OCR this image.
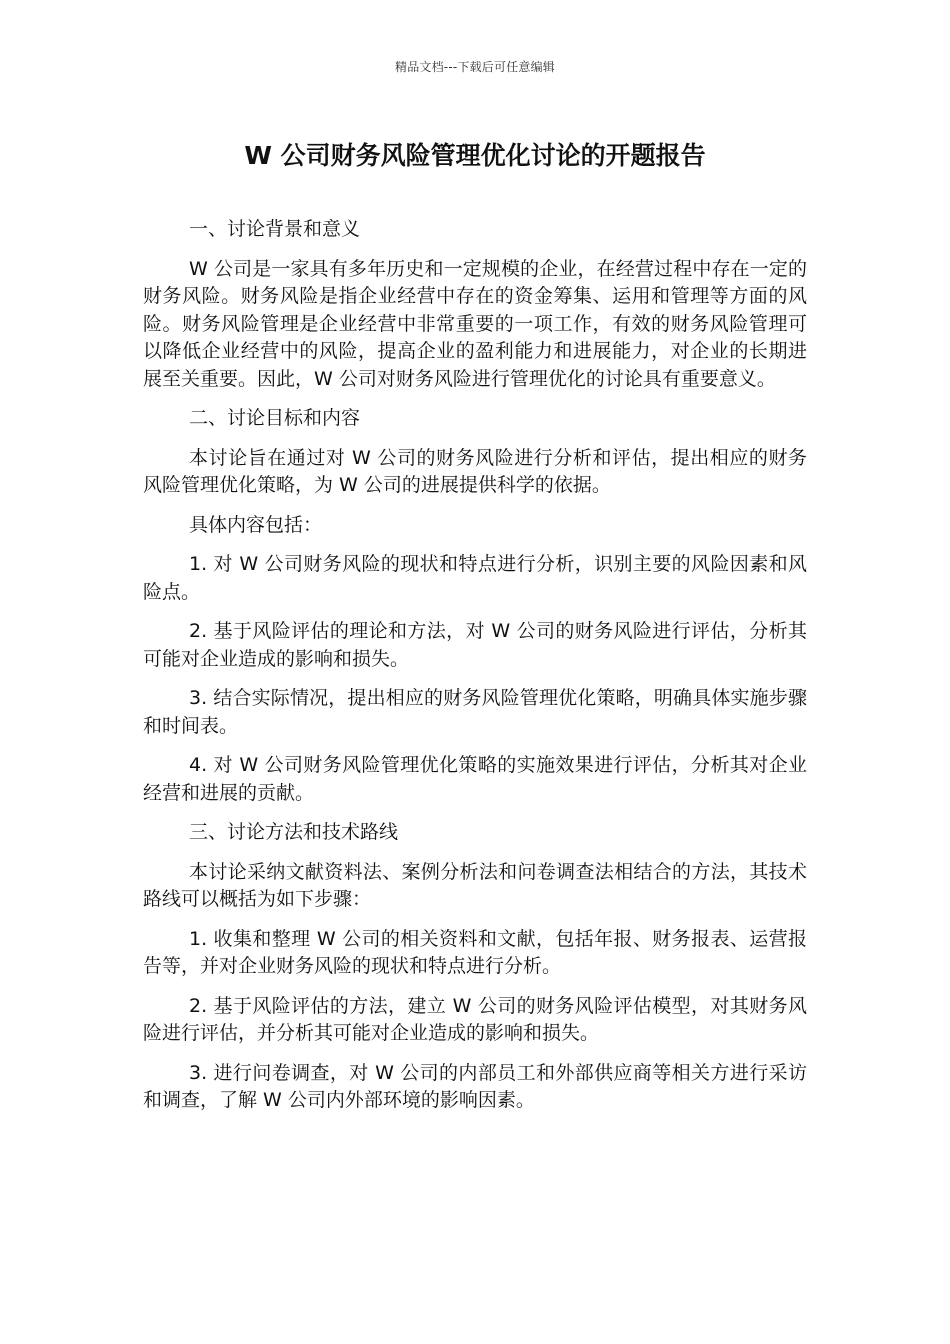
精品文档---下载后可任意编辑
W 公司财务风险管理优化讨论的开题报告

一、讨论背景和意义

W 公司是一家具有多年历史和一定规模的企业，在经营过程中存在一定的财务风险。财务风险是指企业经营中存在的资金筹集、运用和管理等方面的风险。财务风险管理是企业经营中非常重要的一项工作，有效的财务风险管理可以降低企业经营中的风险，提高企业的盈利能力和进展能力，对企业的长期进展至关重要。因此，W 公司对财务风险进行管理优化的讨论具有重要意义。

二、讨论目标和内容

本讨论旨在通过对 W 公司的财务风险进行分析和评估，提出相应的财务风险管理优化策略，为 W 公司的进展提供科学的依据。

具体内容包括：

1. 对 W 公司财务风险的现状和特点进行分析，识别主要的风险因素和风险点。

2. 基于风险评估的理论和方法，对 W 公司的财务风险进行评估，分析其可能对企业造成的影响和损失。

3. 结合实际情况，提出相应的财务风险管理优化策略，明确具体实施步骤和时间表。

4. 对 W 公司财务风险管理优化策略的实施效果进行评估，分析其对企业经营和进展的贡献。

三、讨论方法和技术路线

本讨论采纳文献资料法、案例分析法和问卷调查法相结合的方法，其技术路线可以概括为如下步骤：

1. 收集和整理 W 公司的相关资料和文献，包括年报、财务报表、运营报告等，并对企业财务风险的现状和特点进行分析。

2. 基于风险评估的方法，建立 W 公司的财务风险评估模型，对其财务风险进行评估，并分析其可能对企业造成的影响和损失。

3. 进行问卷调查，对 W 公司的内部员工和外部供应商等相关方进行采访和调查，了解 W 公司内外部环境的影响因素。
